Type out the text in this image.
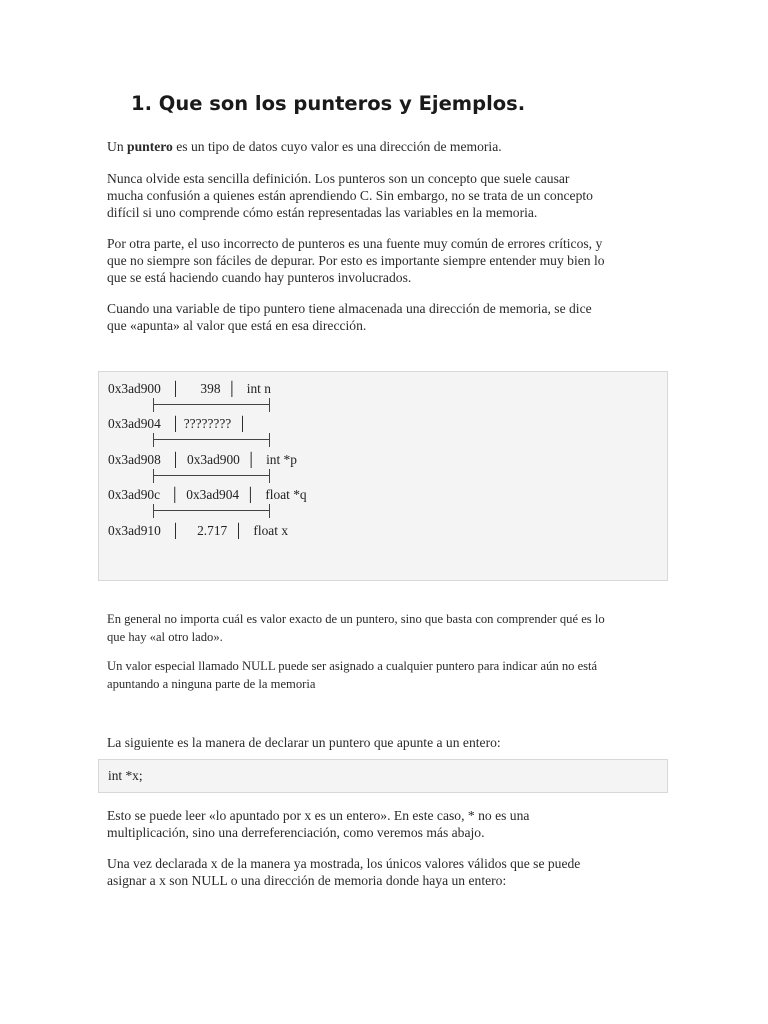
1. Que son los punteros y Ejemplos.

Un puntero es un tipo de datos cuyo valor es una dirección de memoria.

Nunca olvide esta sencilla definición. Los punteros son un concepto que suele causar
mucha confusión a quienes están aprendiendo C. Sin embargo, no se trata de un concepto
difícil si uno comprende cómo están representadas las variables en la memoria.

Por otra parte, el uso incorrecto de punteros es una fuente muy común de errores críticos, y
que no siempre son fáciles de depurar. Por esto es importante siempre entender muy bien lo
que se está haciendo cuando hay punteros involucrados.

Cuando una variable de tipo puntero tiene almacenada una dirección de memoria, se dice
que «apunta» al valor que está en esa dirección.

0x3ad900   │      398  │   int n
0x3ad904   │ ????????  │
0x3ad908   │  0x3ad900  │   int *p
0x3ad90c   │  0x3ad904  │   float *q
0x3ad910   │     2.717  │   float x

En general no importa cuál es valor exacto de un puntero, sino que basta con comprender qué es lo
que hay «al otro lado».

Un valor especial llamado NULL puede ser asignado a cualquier puntero para indicar aún no está
apuntando a ninguna parte de la memoria

La siguiente es la manera de declarar un puntero que apunte a un entero:

int *x;

Esto se puede leer «lo apuntado por x es un entero». En este caso, * no es una
multiplicación, sino una derreferenciación, como veremos más abajo.

Una vez declarada x de la manera ya mostrada, los únicos valores válidos que se puede
asignar a x son NULL o una dirección de memoria donde haya un entero:
